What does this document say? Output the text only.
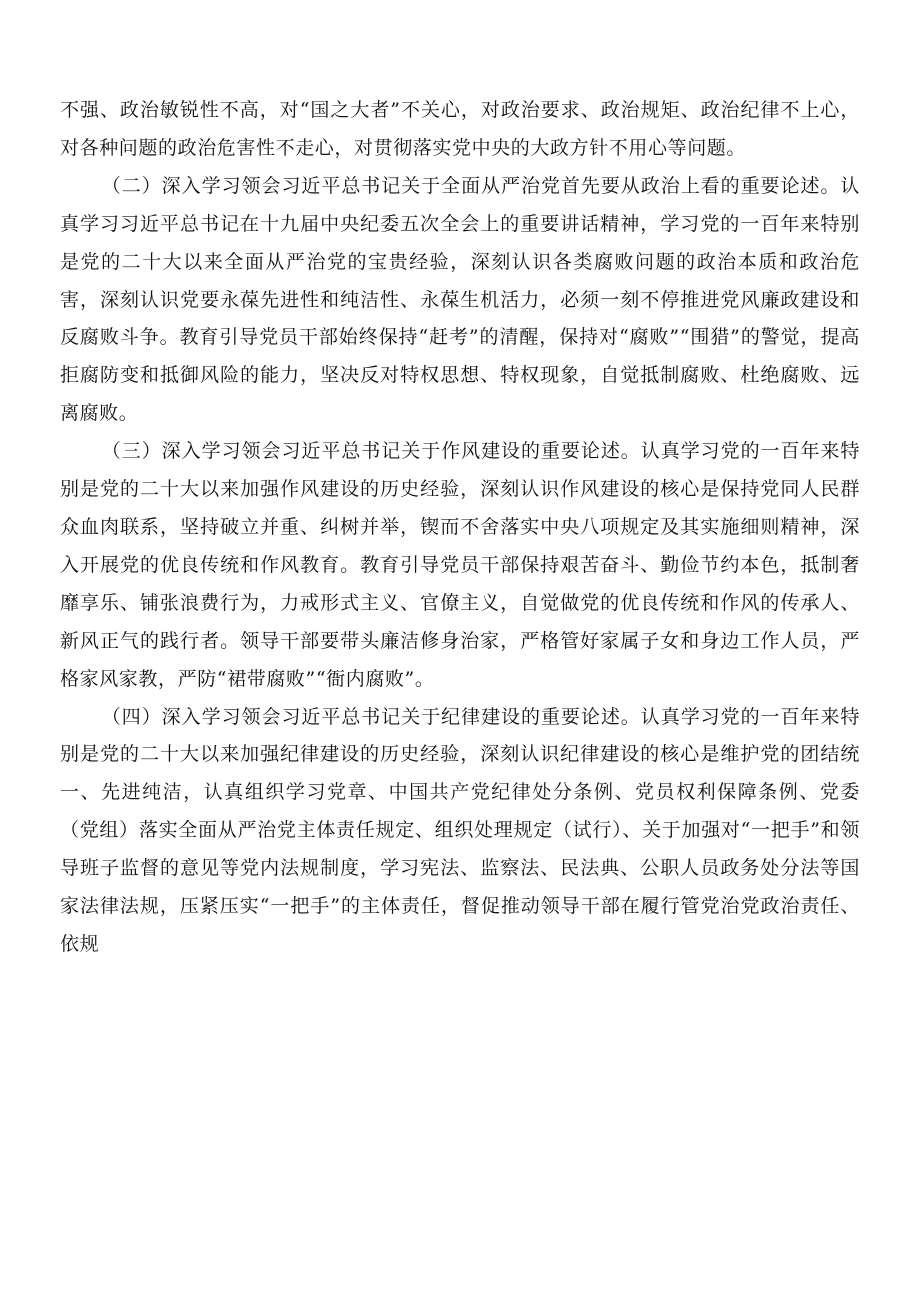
不强、政治敏锐性不高，对“国之大者”不关心，对政治要求、政治规矩、政治纪律不上心，对各种问题的政治危害性不走心，对贯彻落实党中央的大政方针不用心等问题。

（二）深入学习领会习近平总书记关于全面从严治党首先要从政治上看的重要论述。认真学习习近平总书记在十九届中央纪委五次全会上的重要讲话精神，学习党的一百年来特别是党的二十大以来全面从严治党的宝贵经验，深刻认识各类腐败问题的政治本质和政治危害，深刻认识党要永葆先进性和纯洁性、永葆生机活力，必须一刻不停推进党风廉政建设和反腐败斗争。教育引导党员干部始终保持“赶考”的清醒，保持对“腐败”“围猎”的警觉，提高拒腐防变和抵御风险的能力，坚决反对特权思想、特权现象，自觉抵制腐败、杜绝腐败、远离腐败。

（三）深入学习领会习近平总书记关于作风建设的重要论述。认真学习党的一百年来特别是党的二十大以来加强作风建设的历史经验，深刻认识作风建设的核心是保持党同人民群众血肉联系，坚持破立并重、纠树并举，锲而不舍落实中央八项规定及其实施细则精神，深入开展党的优良传统和作风教育。教育引导党员干部保持艰苦奋斗、勤俭节约本色，抵制奢靡享乐、铺张浪费行为，力戒形式主义、官僚主义，自觉做党的优良传统和作风的传承人、新风正气的践行者。领导干部要带头廉洁修身治家，严格管好家属子女和身边工作人员，严格家风家教，严防“裙带腐败”“衙内腐败”。

（四）深入学习领会习近平总书记关于纪律建设的重要论述。认真学习党的一百年来特别是党的二十大以来加强纪律建设的历史经验，深刻认识纪律建设的核心是维护党的团结统一、先进纯洁，认真组织学习党章、中国共产党纪律处分条例、党员权利保障条例、党委（党组）落实全面从严治党主体责任规定、组织处理规定（试行）、关于加强对“一把手”和领导班子监督的意见等党内法规制度，学习宪法、监察法、民法典、公职人员政务处分法等国家法律法规，压紧压实“一把手”的主体责任，督促推动领导干部在履行管党治党政治责任、依规
